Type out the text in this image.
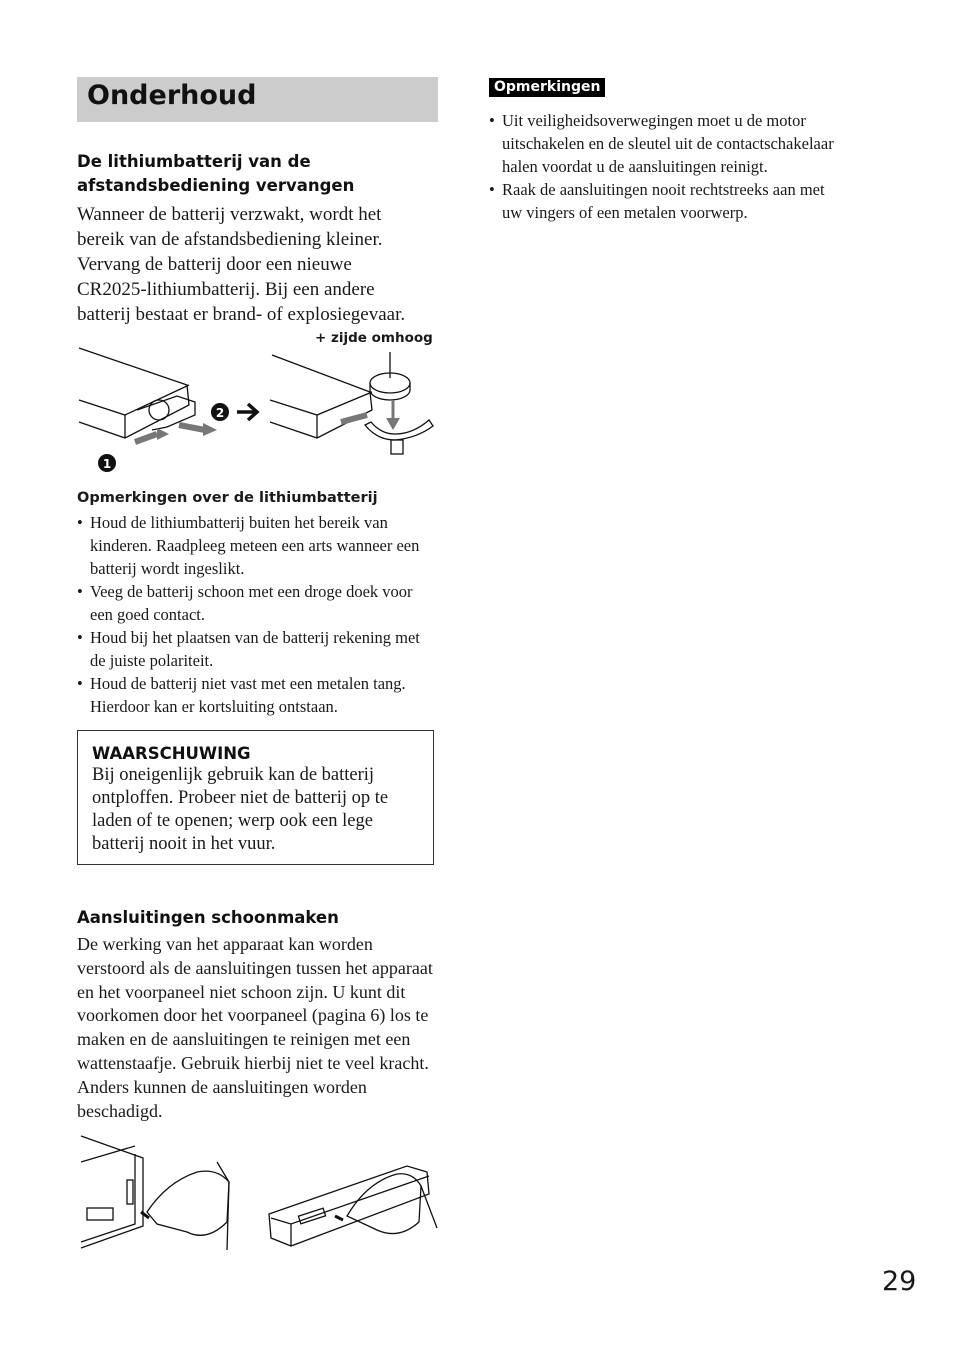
Onderhoud
De lithiumbatterij van de afstandsbediening vervangen
Wanneer de batterij verzwakt, wordt het bereik van de afstandsbediening kleiner. Vervang de batterij door een nieuwe CR2025-lithiumbatterij. Bij een andere batterij bestaat er brand- of explosiegevaar.
1
2
+ zijde omhoog
Opmerkingen over de lithiumbatterij
• Houd de lithiumbatterij buiten het bereik van kinderen. Raadpleeg meteen een arts wanneer een batterij wordt ingeslikt.
• Veeg de batterij schoon met een droge doek voor een goed contact.
• Houd bij het plaatsen van de batterij rekening met de juiste polariteit.
• Houd de batterij niet vast met een metalen tang. Hierdoor kan er kortsluiting ontstaan.
WAARSCHUWING
Bij oneigenlijk gebruik kan de batterij ontploffen. Probeer niet de batterij op te laden of te openen; werp ook een lege batterij nooit in het vuur.
Aansluitingen schoonmaken
De werking van het apparaat kan worden verstoord als de aansluitingen tussen het apparaat en het voorpaneel niet schoon zijn. U kunt dit voorkomen door het voorpaneel (pagina 6) los te maken en de aansluitingen te reinigen met een wattenstaafje. Gebruik hierbij niet te veel kracht. Anders kunnen de aansluitingen worden beschadigd.
Opmerkingen
• Uit veiligheidsoverwegingen moet u de motor uitschakelen en de sleutel uit de contactschakelaar halen voordat u de aansluitingen reinigt.
• Raak de aansluitingen nooit rechtstreeks aan met uw vingers of een metalen voorwerp.
29
